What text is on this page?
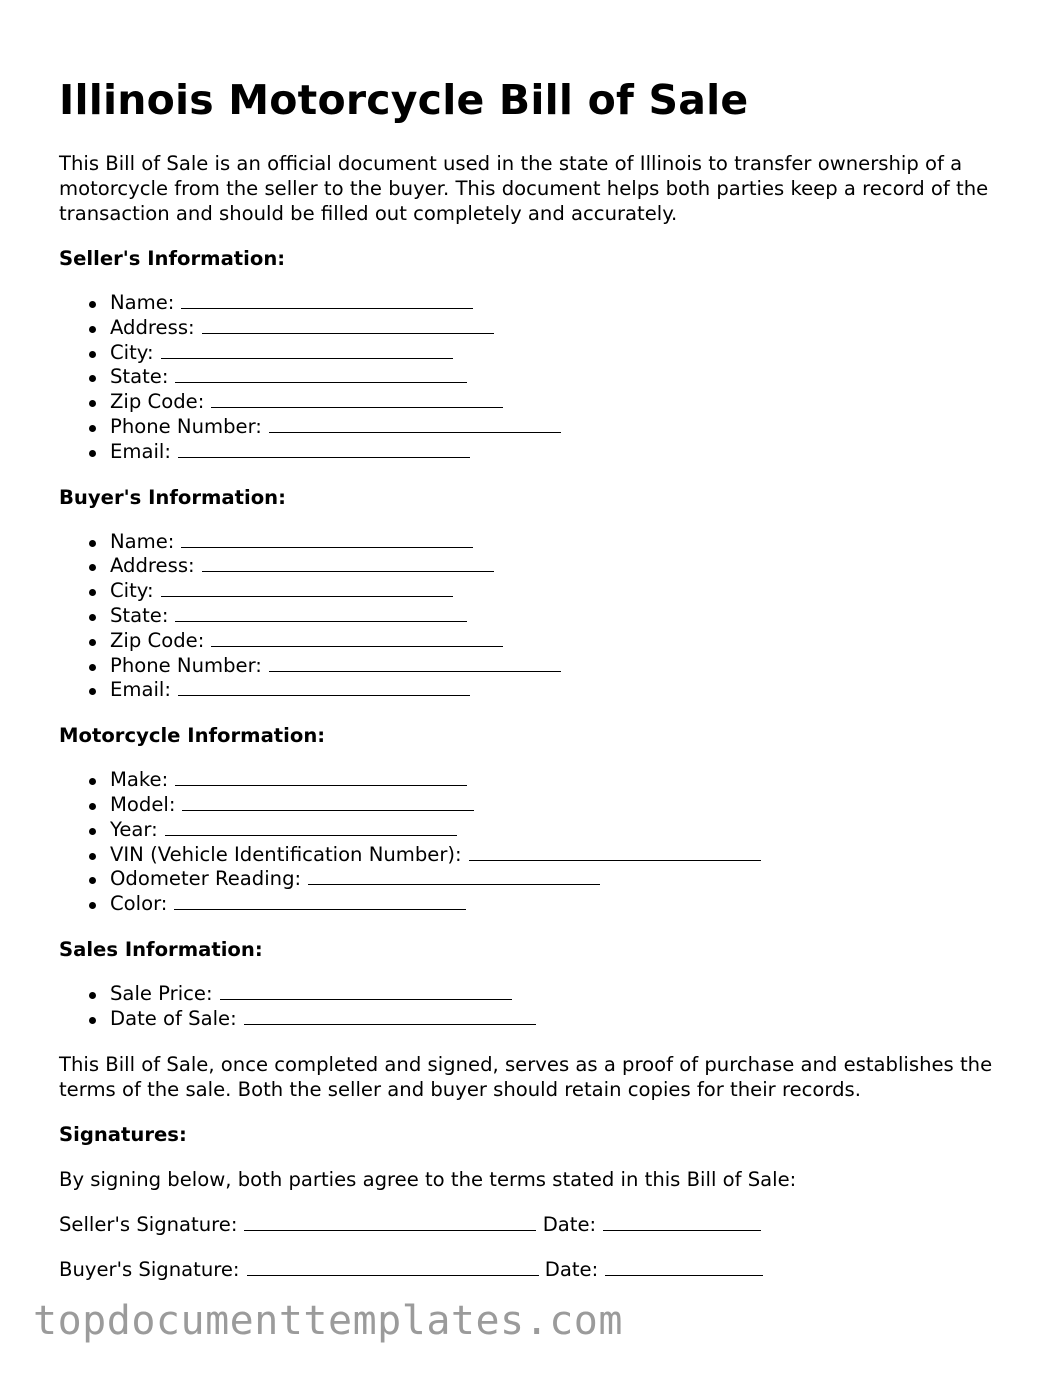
Illinois Motorcycle Bill of Sale

This Bill of Sale is an official document used in the state of Illinois to transfer ownership of a motorcycle from the seller to the buyer. This document helps both parties keep a record of the transaction and should be filled out completely and accurately.

Seller's Information:
Name:
Address:
City:
State:
Zip Code:
Phone Number:
Email:
Buyer's Information:
Name:
Address:
City:
State:
Zip Code:
Phone Number:
Email:
Motorcycle Information:
Make:
Model:
Year:
VIN (Vehicle Identification Number):
Odometer Reading:
Color:
Sales Information:
Sale Price:
Date of Sale:

This Bill of Sale, once completed and signed, serves as a proof of purchase and establishes the terms of the sale. Both the seller and buyer should retain copies for their records.

Signatures:

By signing below, both parties agree to the terms stated in this Bill of Sale:

Seller's Signature:	Date:
Buyer's Signature:	Date:
topdocumenttemplates.com
